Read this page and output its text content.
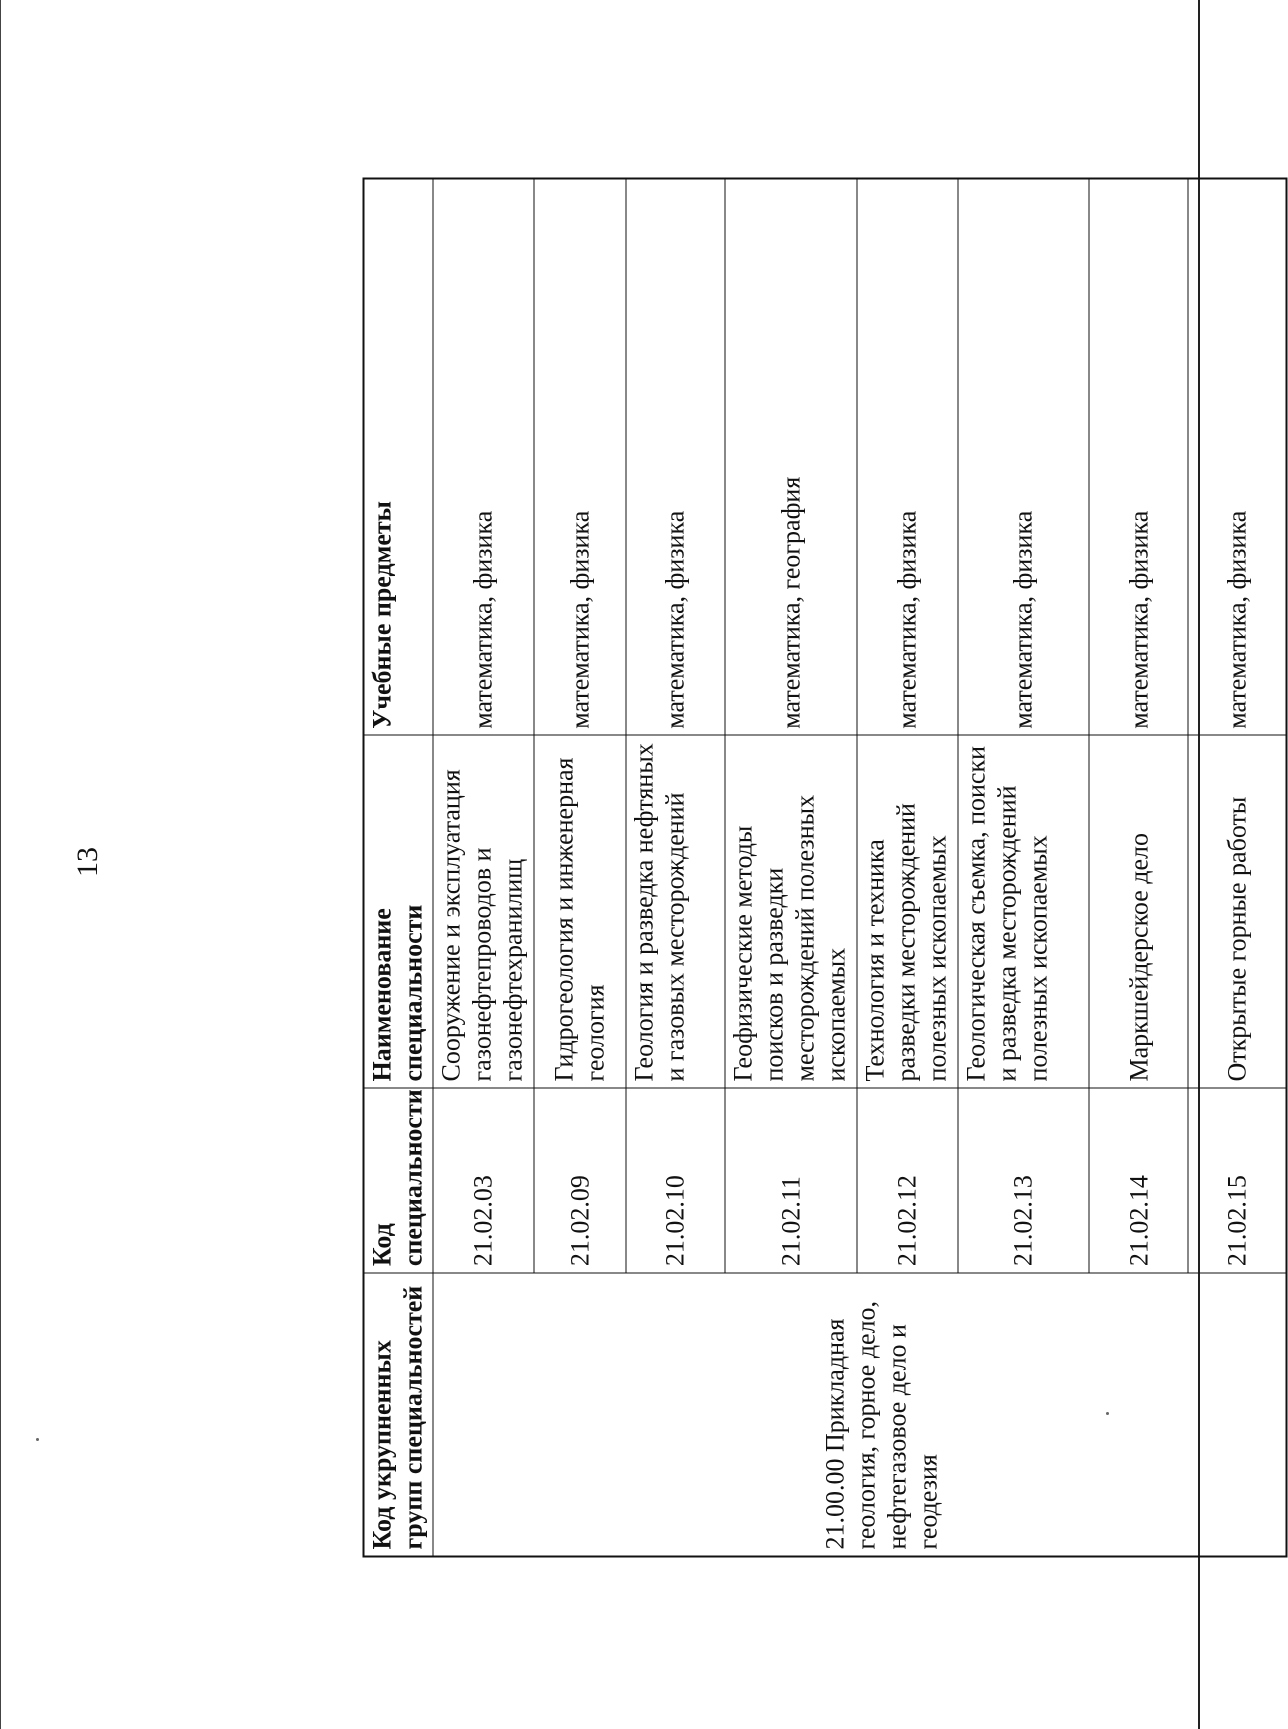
13
Код укрупненных групп специальностей	Код специальности	Наименование специальности	Учебные предметы

21.00.00 Прикладная геология, горное дело, нефтегазовое дело и геодезия	21.02.03	Сооружение и эксплуатация газонефтепроводов и газонефтехранилищ	математика, физика
	21.02.09	Гидрогеология и инженерная геология	математика, физика
	21.02.10	Геология и разведка нефтяных и газовых месторождений	математика, физика
	21.02.11	Геофизические методы поисков и разведки месторождений полезных ископаемых	математика, география
	21.02.12	Технология и техника разведки месторождений полезных ископаемых	математика, физика
	21.02.13	Геологическая съемка, поиски и разведка месторождений полезных ископаемых	математика, физика
	21.02.14	Маркшейдерское дело	математика, физика
	21.02.15	Открытые горные работы	математика, физика
